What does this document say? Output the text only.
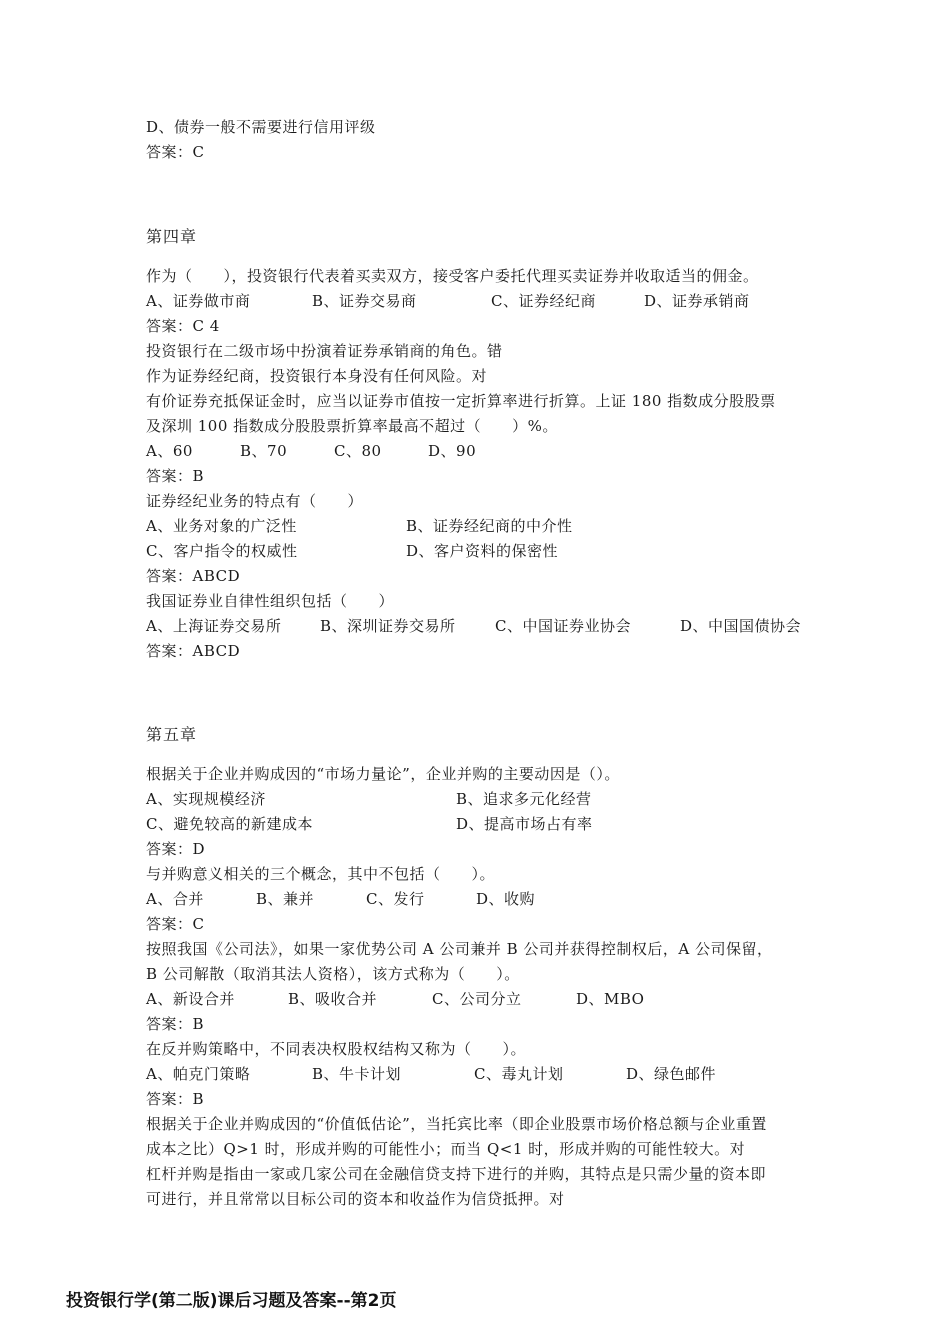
D、债券一般不需要进行信用评级
答案：C
第四章
作为（　　），投资银行代表着买卖双方，接受客户委托代理买卖证券并收取适当的佣金。
A、证券做市商	B、证券交易商	C、证券经纪商	D、证券承销商
答案：C 4
投资银行在二级市场中扮演着证券承销商的角色。错
作为证券经纪商，投资银行本身没有任何风险。对
有价证券充抵保证金时，应当以证券市值按一定折算率进行折算。上证 180 指数成分股股票
及深圳 100 指数成分股股票折算率最高不超过（　　）%。
A、60	B、70	C、80	D、90
答案：B
证券经纪业务的特点有（　　）
A、业务对象的广泛性	B、证券经纪商的中介性
C、客户指令的权威性	D、客户资料的保密性
答案：ABCD
我国证券业自律性组织包括（　　）
A、上海证券交易所	B、深圳证券交易所	C、中国证券业协会	D、中国国债协会
答案：ABCD
第五章
根据关于企业并购成因的“市场力量论”，企业并购的主要动因是（）。
A、实现规模经济	B、追求多元化经营
C、避免较高的新建成本	D、提高市场占有率
答案：D
与并购意义相关的三个概念，其中不包括（　　）。
A、合并	B、兼并	C、发行	D、收购
答案：C
按照我国《公司法》，如果一家优势公司 A 公司兼并 B 公司并获得控制权后，A 公司保留，
B 公司解散（取消其法人资格），该方式称为（　　）。
A、新设合并	B、吸收合并	C、公司分立	D、MBO
答案：B
在反并购策略中，不同表决权股权结构又称为（　　）。
A、帕克门策略	B、牛卡计划	C、毒丸计划	D、绿色邮件
答案：B
根据关于企业并购成因的“价值低估论”，当托宾比率（即企业股票市场价格总额与企业重置
成本之比）Q>1 时，形成并购的可能性小；而当 Q<1 时，形成并购的可能性较大。对
杠杆并购是指由一家或几家公司在金融信贷支持下进行的并购，其特点是只需少量的资本即
可进行，并且常常以目标公司的资本和收益作为信贷抵押。对
投资银行学(第二版)课后习题及答案--第2页
